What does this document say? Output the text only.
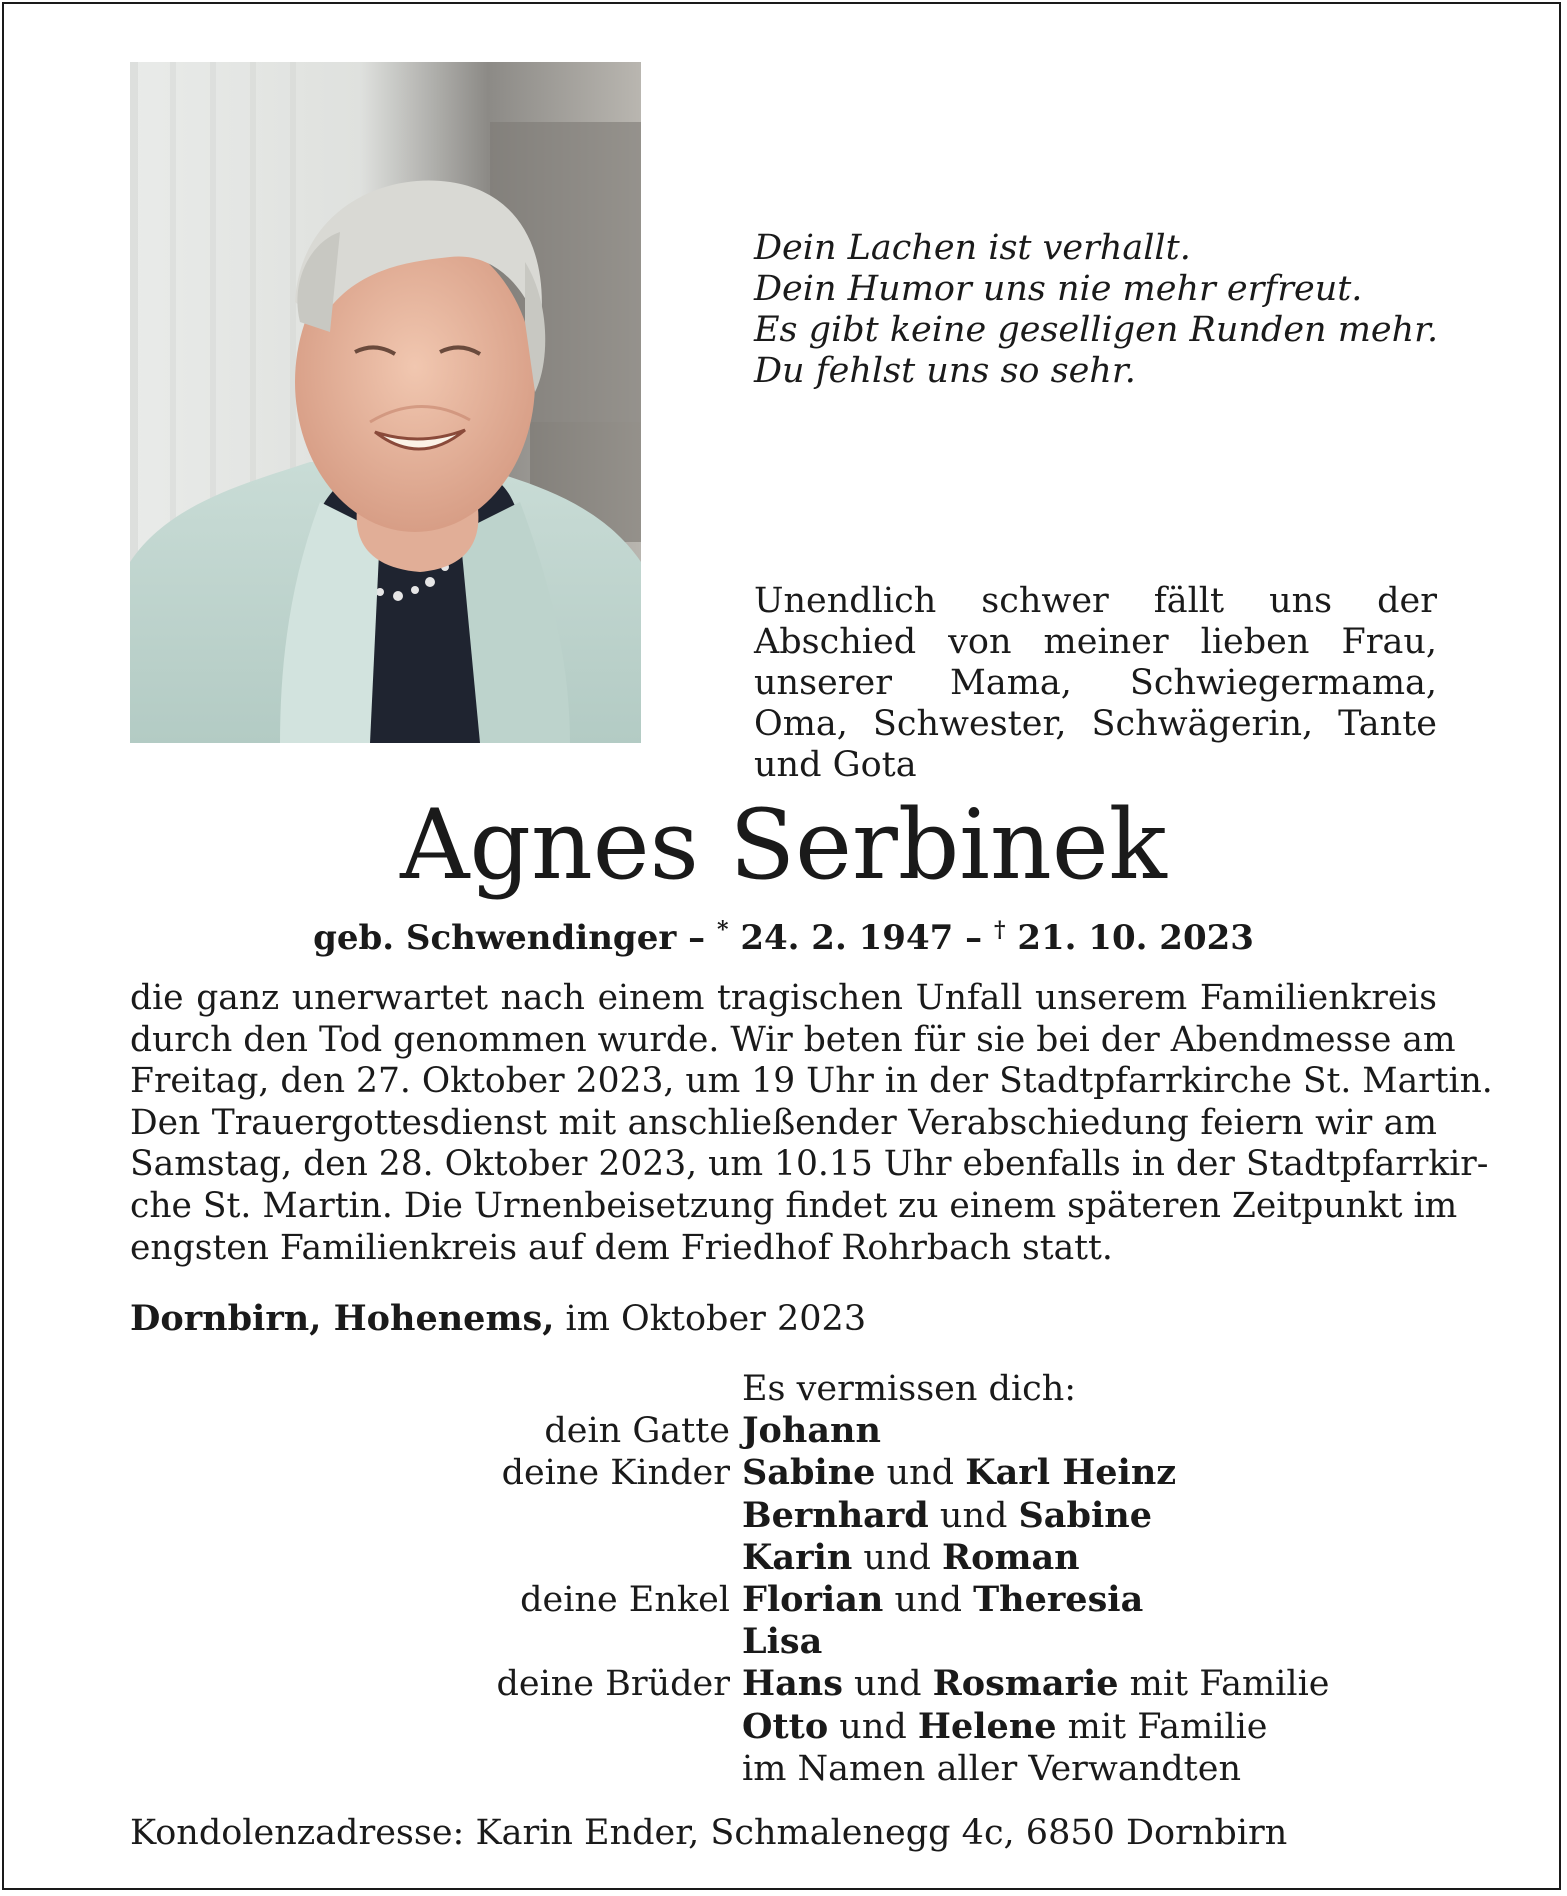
Dein Lachen ist verhallt.
Dein Humor uns nie mehr erfreut.
Es gibt keine geselligen Runden mehr.
Du fehlst uns so sehr.
Unendlich schwer fällt uns der Abschied von meiner lieben Frau, unserer Mama, Schwiegermama, Oma, Schwester, Schwägerin, Tante und Gota
Agnes Serbinek
geb. Schwendinger – * 24. 2. 1947 – † 21. 10. 2023
die ganz unerwartet nach einem tragischen Unfall unserem Familienkreis
durch den Tod genommen wurde. Wir beten für sie bei der Abendmesse am
Freitag, den 27. Oktober 2023, um 19 Uhr in der Stadtpfarrkirche St. Martin.
Den Trauergottesdienst mit anschließender Verabschiedung feiern wir am
Samstag, den 28. Oktober 2023, um 10.15 Uhr ebenfalls in der Stadtpfarrkir-
che St. Martin. Die Urnenbeisetzung findet zu einem späteren Zeitpunkt im
engsten Familienkreis auf dem Friedhof Rohrbach statt.
Dornbirn, Hohenems, im Oktober 2023
Es vermissen dich:
dein Gatte Johann
deine Kinder Sabine und Karl Heinz
Bernhard und Sabine
Karin und Roman
deine Enkel Florian und Theresia
Lisa
deine Brüder Hans und Rosmarie mit Familie
Otto und Helene mit Familie
im Namen aller Verwandten
Kondolenzadresse: Karin Ender, Schmalenegg 4c, 6850 Dornbirn
